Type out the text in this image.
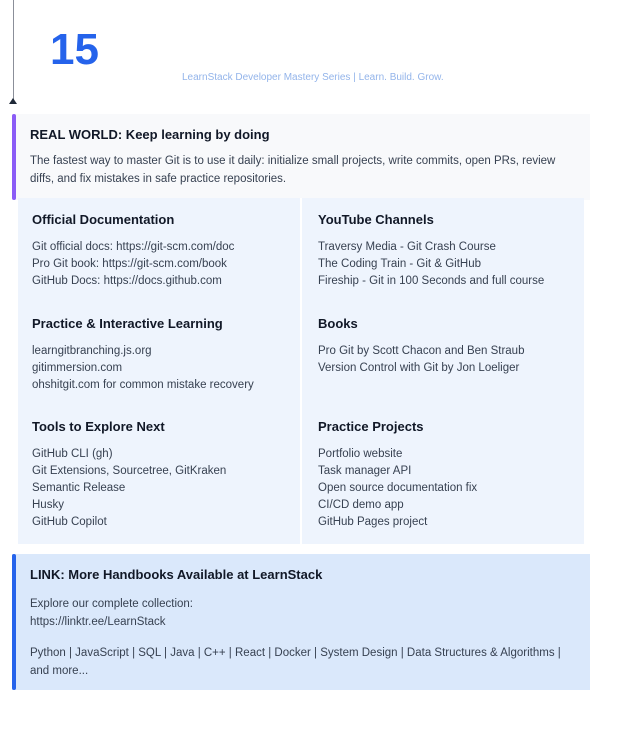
15
LearnStack Developer Mastery Series | Learn. Build. Grow.
REAL WORLD: Keep learning by doing
The fastest way to master Git is to use it daily: initialize small projects, write commits, open PRs, review diffs, and fix mistakes in safe practice repositories.
Official Documentation
Git official docs: https://git-scm.com/doc
Pro Git book: https://git-scm.com/book
GitHub Docs: https://docs.github.com
Practice & Interactive Learning
learngitbranching.js.org
gitimmersion.com
ohshitgit.com for common mistake recovery
Tools to Explore Next
GitHub CLI (gh)
Git Extensions, Sourcetree, GitKraken
Semantic Release
Husky
GitHub Copilot
YouTube Channels
Traversy Media - Git Crash Course
The Coding Train - Git & GitHub
Fireship - Git in 100 Seconds and full course
Books
Pro Git by Scott Chacon and Ben Straub
Version Control with Git by Jon Loeliger
Practice Projects
Portfolio website
Task manager API
Open source documentation fix
CI/CD demo app
GitHub Pages project
LINK: More Handbooks Available at LearnStack
Explore our complete collection:
https://linktr.ee/LearnStack
Python | JavaScript | SQL | Java | C++ | React | Docker | System Design | Data Structures & Algorithms | and more...
